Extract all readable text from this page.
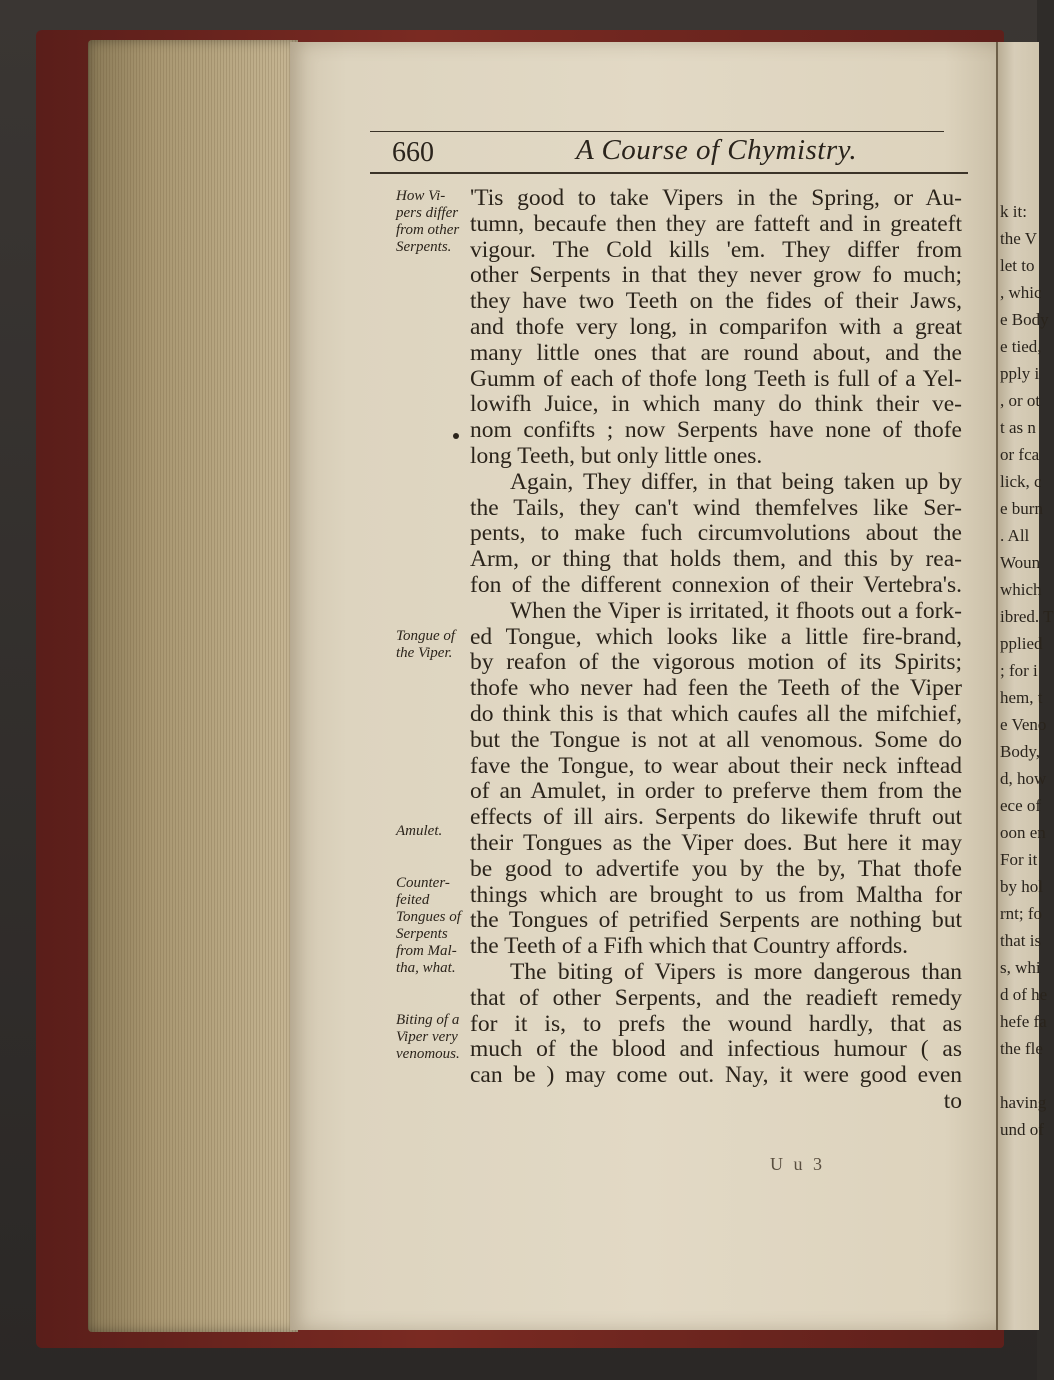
k it:
the V
let to
, whic
e Body
e tied,
pply i
, or ot
t as n
or fca
lick, c
e burn
. All
Woun
which
ibred. T
pplied
; for i
hem, t
e Veno
Body,
d, how
ece of
oon en
For it
by hol
rnt; fo
that is
s, whi
d of he
hefe fa
the fle

having
und of
660	A Course of Chymistry.
How Vi-
pers differ
from other
Serpents.
Tongue of
the Viper.
Amulet.
Counter-
feited
Tongues of
Serpents
from Mal-
tha, what.
Biting of a
Viper very
venomous.
'Tis good to take Vipers in the Spring, or Au-
tumn, becaufe then they are fatteft and in greateft
vigour. The Cold kills 'em. They differ from
other Serpents in that they never grow fo much;
they have two Teeth on the fides of their Jaws,
and thofe very long, in comparifon with a great
many little ones that are round about, and the
Gumm of each of thofe long Teeth is full of a Yel-
lowifh Juice, in which many do think their ve-
nom confifts ; now Serpents have none of thofe
long Teeth, but only little ones.
Again, They differ, in that being taken up by
the Tails, they can't wind themfelves like Ser-
pents, to make fuch circumvolutions about the
Arm, or thing that holds them, and this by rea-
fon of the different connexion of their Vertebra's.
When the Viper is irritated, it fhoots out a fork-
ed Tongue, which looks like a little fire-brand,
by reafon of the vigorous motion of its Spirits;
thofe who never had feen the Teeth of the Viper
do think this is that which caufes all the mifchief,
but the Tongue is not at all venomous. Some do
fave the Tongue, to wear about their neck inftead
of an Amulet, in order to preferve them from the
effects of ill airs. Serpents do likewife thruft out
their Tongues as the Viper does. But here it may
be good to advertife you by the by, That thofe
things which are brought to us from Maltha for
the Tongues of petrified Serpents are nothing but
the Teeth of a Fifh which that Country affords.
The biting of Vipers is more dangerous than
that of other Serpents, and the readieft remedy
for it is, to prefs the wound hardly, that as
much of the blood and infectious humour ( as
can be ) may come out. Nay, it were good even
to
U u 3
